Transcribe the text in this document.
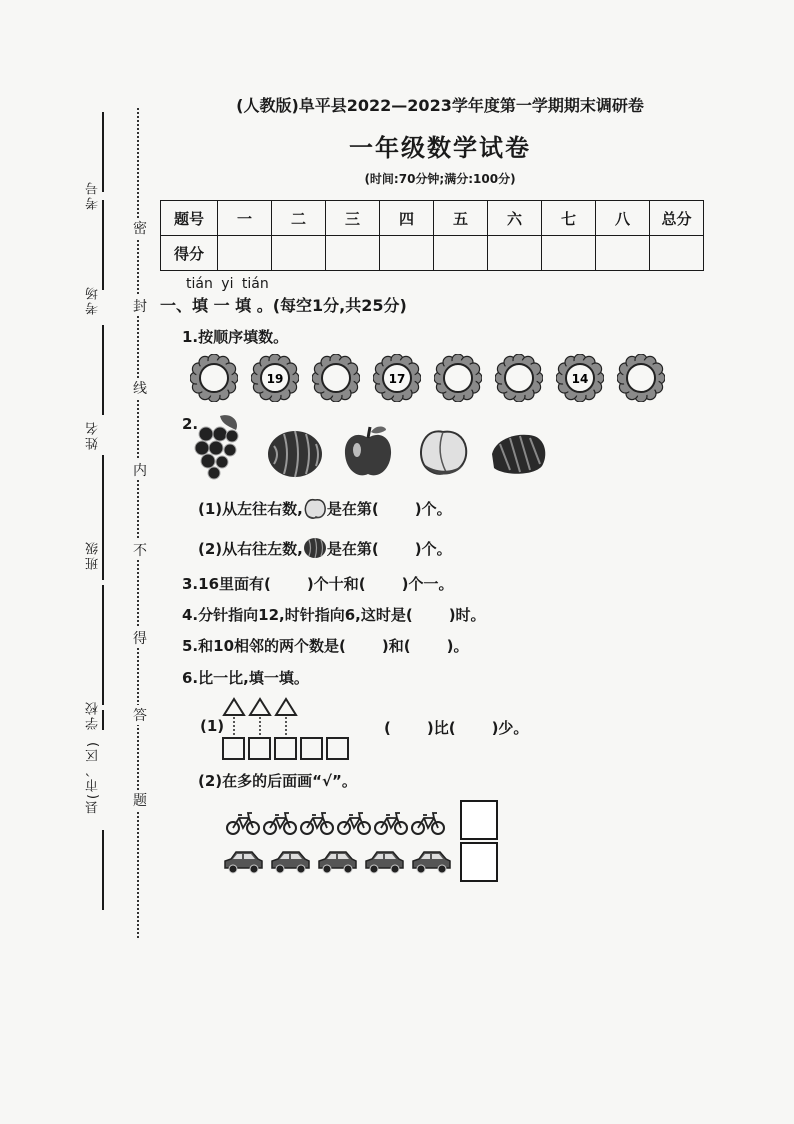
考号
考场
姓名
班级
学校
县(市、区)
密
封
线
内
不
得
答
题
(人教版)阜平县2022—2023学年度第一学期期末调研卷
一年级数学试卷
(时间:70分钟;满分:100分)
题号	一	二	三	四	五	六	七	八	总分
得分									
tián yi tián
一、填 一 填 。(每空1分,共25分)
1.按顺序填数。
19	17	14
2.
(1)从左往右数, 是在第( )个。
(2)从右往左数, 是在第( )个。
3.16里面有( )个十和( )个一。
4.分针指向12,时针指向6,这时是( )时。
5.和10相邻的两个数是( )和( )。
6.比一比,填一填。
(1)	( )比( )少。
(2)在多的后面画“√”。
